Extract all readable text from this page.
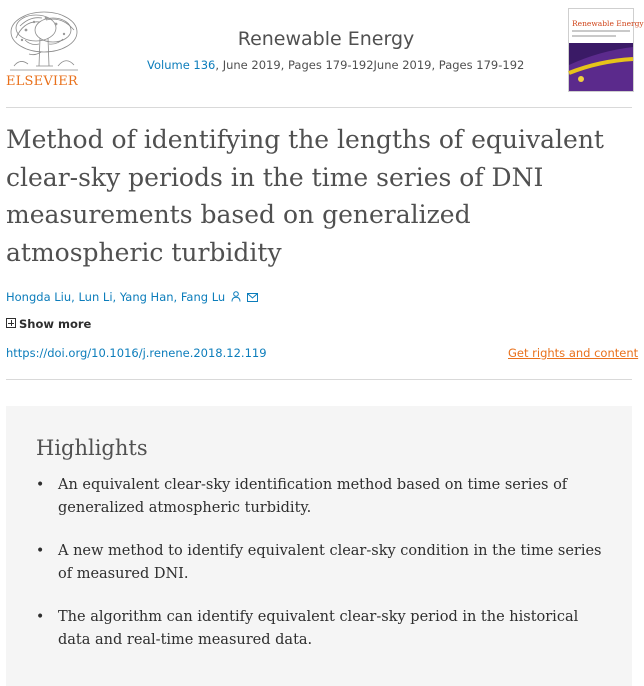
ELSEVIER
Renewable Energy
Volume 136, June 2019, Pages 179-192June 2019, Pages 179-192
Renewable Energy
Method of identifying the lengths of equivalent clear-sky periods in the time series of DNI measurements based on generalized atmospheric turbidity
Hongda Liu, Lun Li, Yang Han, Fang Lu
Show more
https://doi.org/10.1016/j.renene.2018.12.119	Get rights and content
Highlights
• An equivalent clear-sky identification method based on time series of generalized atmospheric turbidity.
• A new method to identify equivalent clear-sky condition in the time series of measured DNI.
• The algorithm can identify equivalent clear-sky period in the historical data and real-time measured data.
